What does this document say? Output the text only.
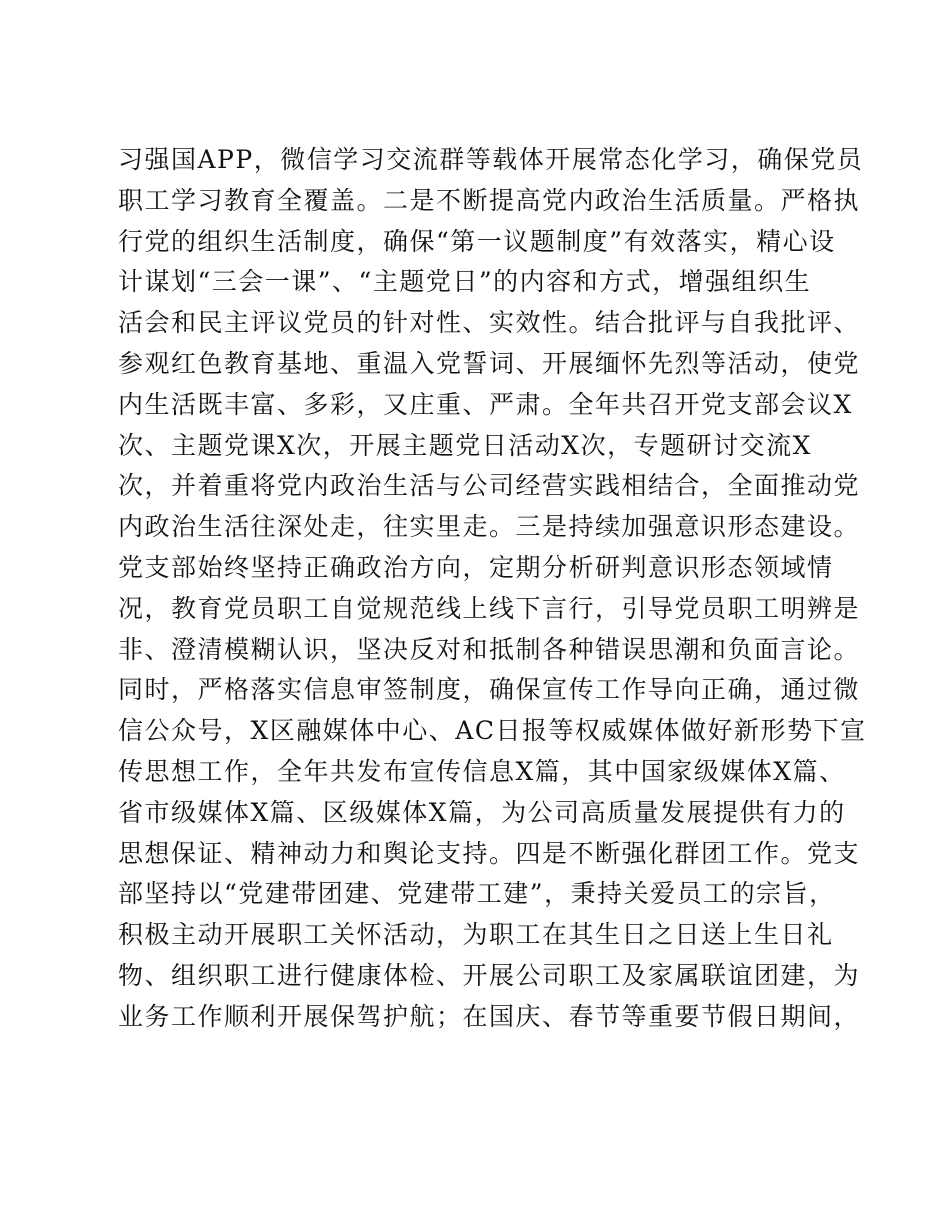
习强国APP，微信学习交流群等载体开展常态化学习，确保党员
职工学习教育全覆盖。二是不断提高党内政治生活质量。严格执
行党的组织生活制度，确保“第一议题制度”有效落实，精心设
计谋划“三会一课”、“主题党日”的内容和方式，增强组织生
活会和民主评议党员的针对性、实效性。结合批评与自我批评、
参观红色教育基地、重温入党誓词、开展缅怀先烈等活动，使党
内生活既丰富、多彩，又庄重、严肃。全年共召开党支部会议X
次、主题党课X次，开展主题党日活动X次，专题研讨交流X
次，并着重将党内政治生活与公司经营实践相结合，全面推动党
内政治生活往深处走，往实里走。三是持续加强意识形态建设。
党支部始终坚持正确政治方向，定期分析研判意识形态领域情
况，教育党员职工自觉规范线上线下言行，引导党员职工明辨是
非、澄清模糊认识，坚决反对和抵制各种错误思潮和负面言论。
同时，严格落实信息审签制度，确保宣传工作导向正确，通过微
信公众号，X区融媒体中心、AC日报等权威媒体做好新形势下宣
传思想工作，全年共发布宣传信息X篇，其中国家级媒体X篇、
省市级媒体X篇、区级媒体X篇，为公司高质量发展提供有力的
思想保证、精神动力和舆论支持。四是不断强化群团工作。党支
部坚持以“党建带团建、党建带工建”，秉持关爱员工的宗旨，
积极主动开展职工关怀活动，为职工在其生日之日送上生日礼
物、组织职工进行健康体检、开展公司职工及家属联谊团建，为
业务工作顺利开展保驾护航；在国庆、春节等重要节假日期间，
